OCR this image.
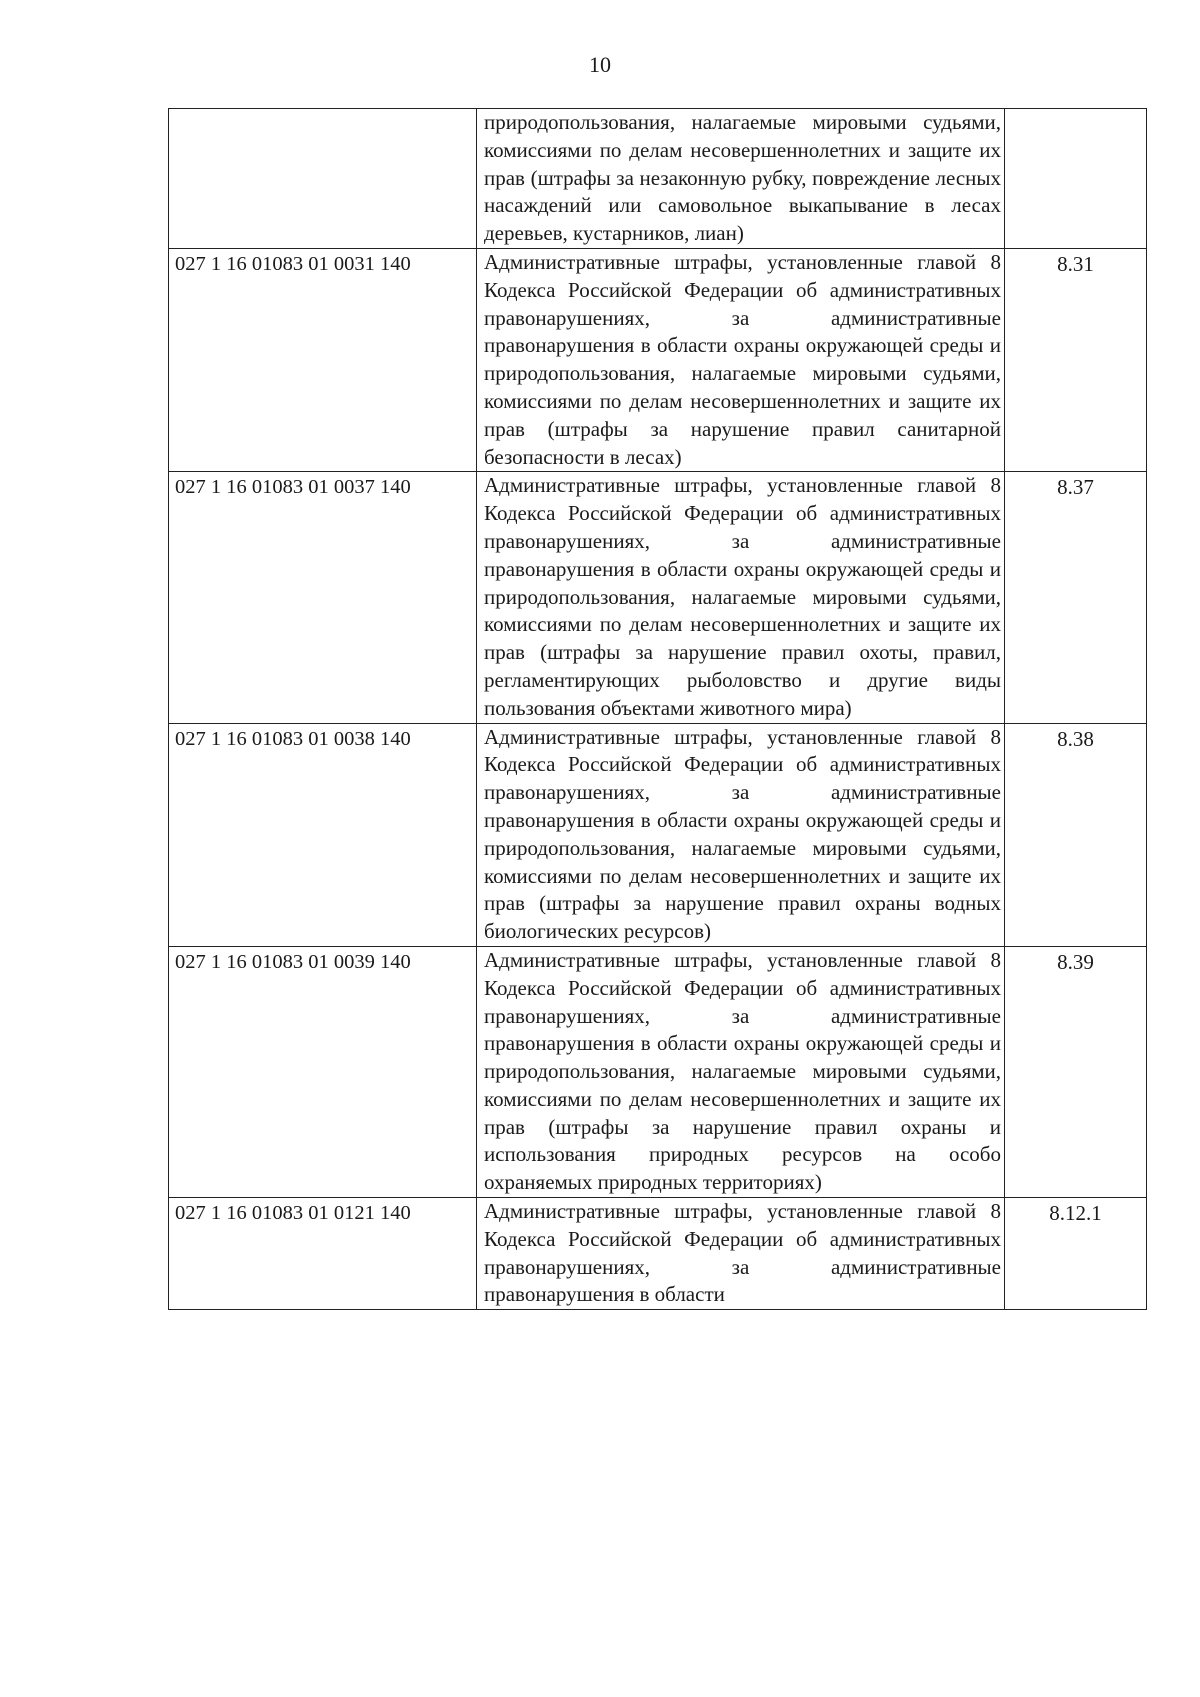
10

	природопользования, налагаемые мировыми судьями, комиссиями по делам несовершеннолетних и защите их прав (штрафы за незаконную рубку, повреждение лесных насаждений или самовольное выкапывание в лесах деревьев, кустарников, лиан)	

027 1 16 01083 01 0031 140	Административные штрафы, установленные главой 8 Кодекса Российской Федерации об административных правонарушениях, за административные правонарушения в области охраны окружающей среды и природопользования, налагаемые мировыми судьями, комиссиями по делам несовершеннолетних и защите их прав (штрафы за нарушение правил санитарной безопасности в лесах)	8.31
027 1 16 01083 01 0037 140	Административные штрафы, установленные главой 8 Кодекса Российской Федерации об административных правонарушениях, за административные правонарушения в области охраны окружающей среды и природопользования, налагаемые мировыми судьями, комиссиями по делам несовершеннолетних и защите их прав (штрафы за нарушение правил охоты, правил, регламентирующих рыболовство и другие виды пользования объектами животного мира)	8.37
027 1 16 01083 01 0038 140	Административные штрафы, установленные главой 8 Кодекса Российской Федерации об административных правонарушениях, за административные правонарушения в области охраны окружающей среды и природопользования, налагаемые мировыми судьями, комиссиями по делам несовершеннолетних и защите их прав (штрафы за нарушение правил охраны водных биологических ресурсов)	8.38
027 1 16 01083 01 0039 140	Административные штрафы, установленные главой 8 Кодекса Российской Федерации об административных правонарушениях, за административные правонарушения в области охраны окружающей среды и природопользования, налагаемые мировыми судьями, комиссиями по делам несовершеннолетних и защите их прав (штрафы за нарушение правил охраны и использования природных ресурсов на особо охраняемых природных территориях)	8.39
027 1 16 01083 01 0121 140	Административные штрафы, установленные главой 8 Кодекса Российской Федерации об административных правонарушениях, за административные правонарушения в области	8.12.1
